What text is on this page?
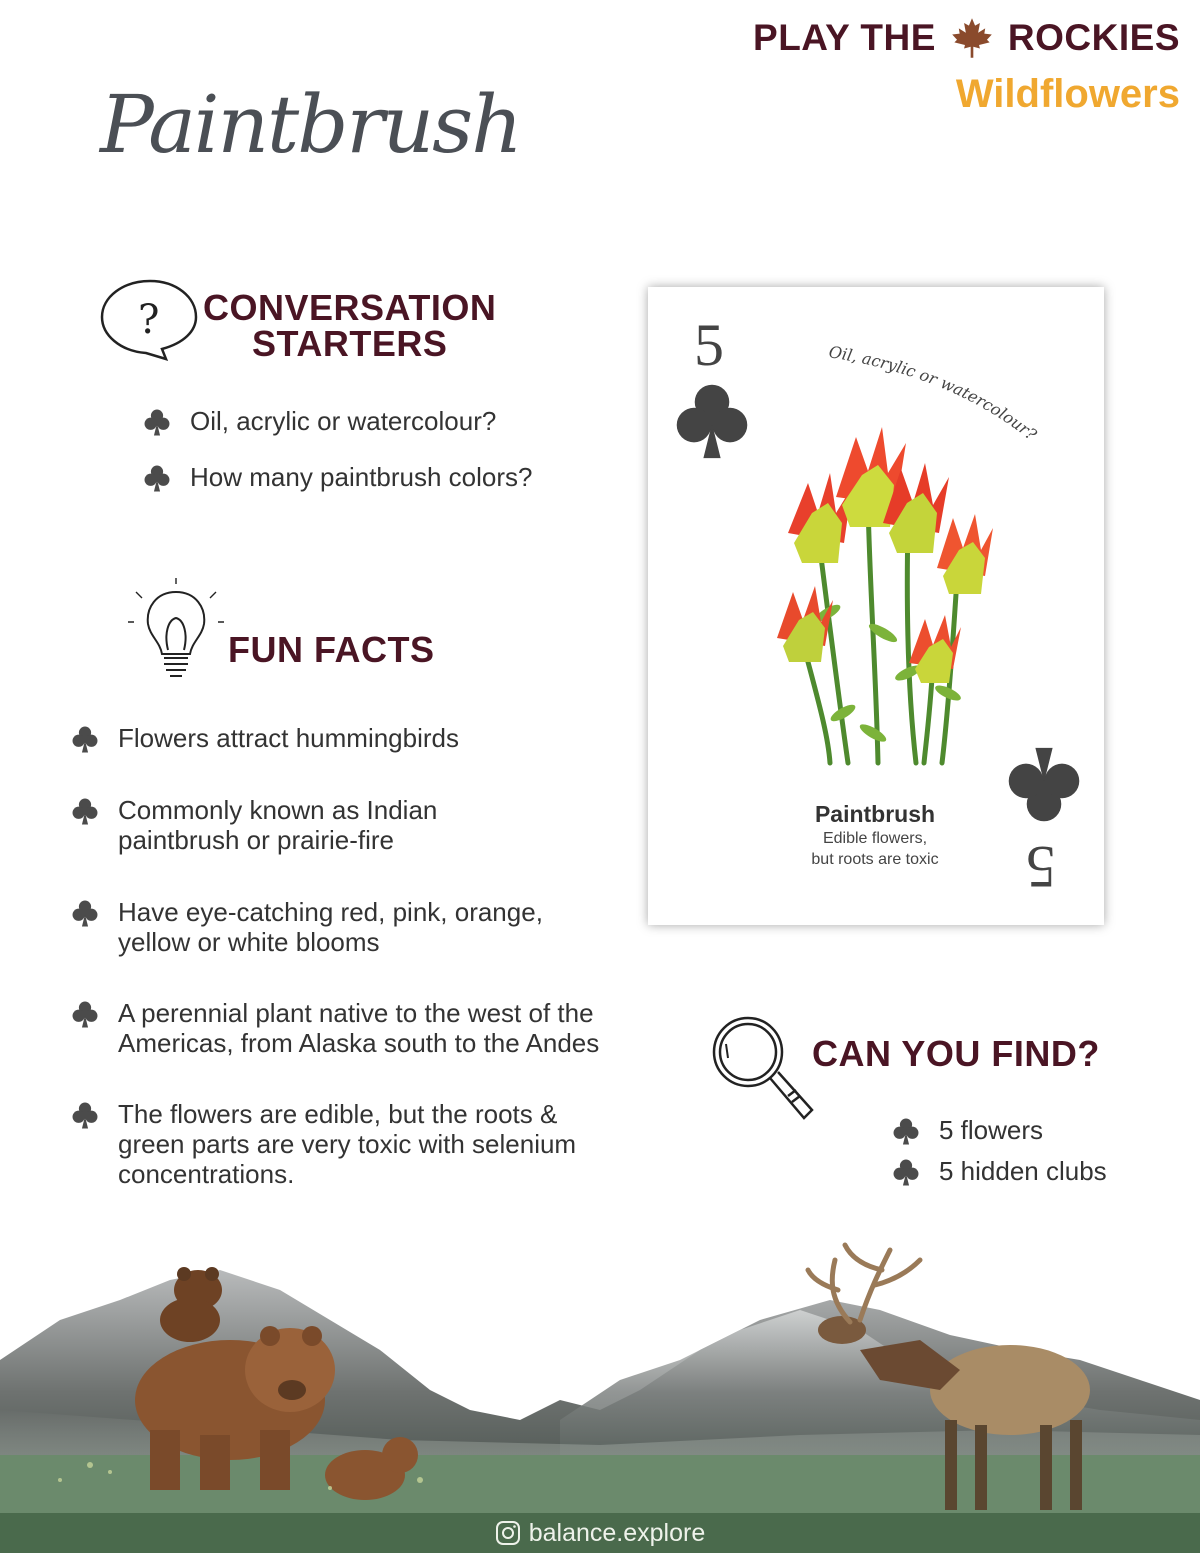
PLAY THE ROCKIES
Wildflowers
Paintbrush
? CONVERSATION
STARTERS
Oil, acrylic or watercolour?
How many paintbrush colors?
FUN FACTS
Flowers attract hummingbirds
Commonly known as Indian
paintbrush or prairie-fire
Have eye-catching red, pink, orange,
yellow or white blooms
A perennial plant native to the west of the
Americas, from Alaska south to the Andes
The flowers are edible, but the roots &
green parts are very toxic with selenium
concentrations.
5	Oil, acrylic or watercolour?
5
Paintbrush
Edible flowers,
but roots are toxic
CAN YOU FIND?
5 flowers
5 hidden clubs
balance.explore
